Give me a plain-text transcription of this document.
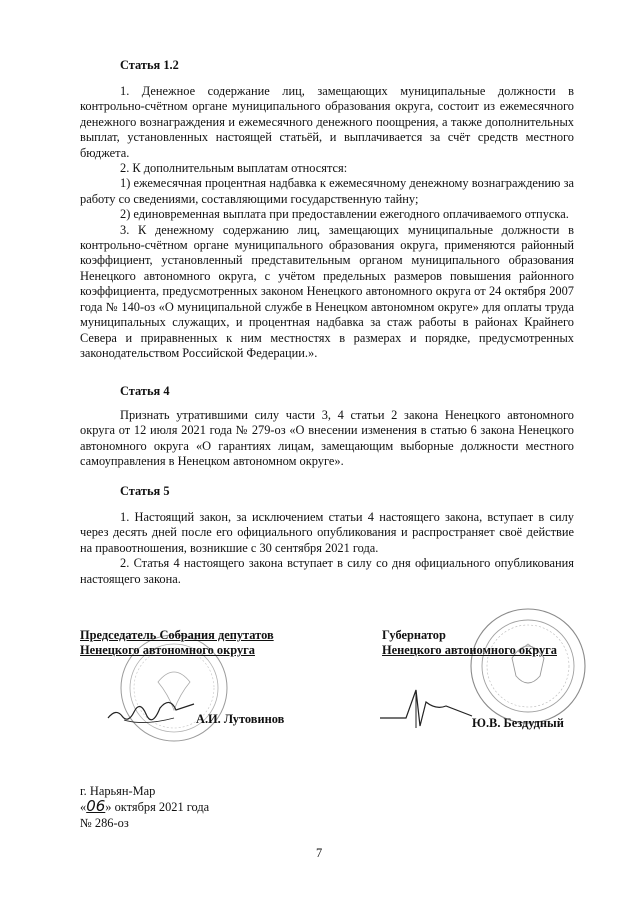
Статья 1.2

1. Денежное содержание лиц, замещающих муниципальные должности в контрольно-счётном органе муниципального образования округа, состоит из ежемесячного денежного вознаграждения и ежемесячного денежного поощрения, а также дополнительных выплат, установленных настоящей статьёй, и выплачивается за счёт средств местного бюджета.

2. К дополнительным выплатам относятся:

1) ежемесячная процентная надбавка к ежемесячному денежному вознаграждению за работу со сведениями, составляющими государственную тайну;

2) единовременная выплата при предоставлении ежегодного оплачиваемого отпуска.

3. К денежному содержанию лиц, замещающих муниципальные должности в контрольно-счётном органе муниципального образования округа, применяются районный коэффициент, установленный представительным органом муниципального образования Ненецкого автономного округа, с учётом предельных размеров повышения районного коэффициента, предусмотренных законом Ненецкого автономного округа от 24 октября 2007 года № 140-оз «О муниципальной службе в Ненецком автономном округе» для оплаты труда муниципальных служащих, и процентная надбавка за стаж работы в районах Крайнего Севера и приравненных к ним местностях в размерах и порядке, предусмотренных законодательством Российской Федерации.».

Статья 4

Признать утратившими силу части 3, 4 статьи 2 закона Ненецкого автономного округа от 12 июля 2021 года № 279-оз «О внесении изменения в статью 6 закона Ненецкого автономного округа «О гарантиях лицам, замещающим выборные должности местного самоуправления в Ненецком автономном округе».

Статья 5

1. Настоящий закон, за исключением статьи 4 настоящего закона, вступает в силу через десять дней после его официального опубликования и распространяет своё действие на правоотношения, возникшие с 30 сентября 2021 года.

2. Статья 4 настоящего закона вступает в силу со дня официального опубликования настоящего закона.

Председатель Собрания депутатов
Ненецкого автономного округа
Губернатор
Ненецкого автономного округа
А.И. Лутовинов	Ю.В. Бездудный
г. Нарьян-Мар
«06» октября 2021 года
№ 286-оз
7
